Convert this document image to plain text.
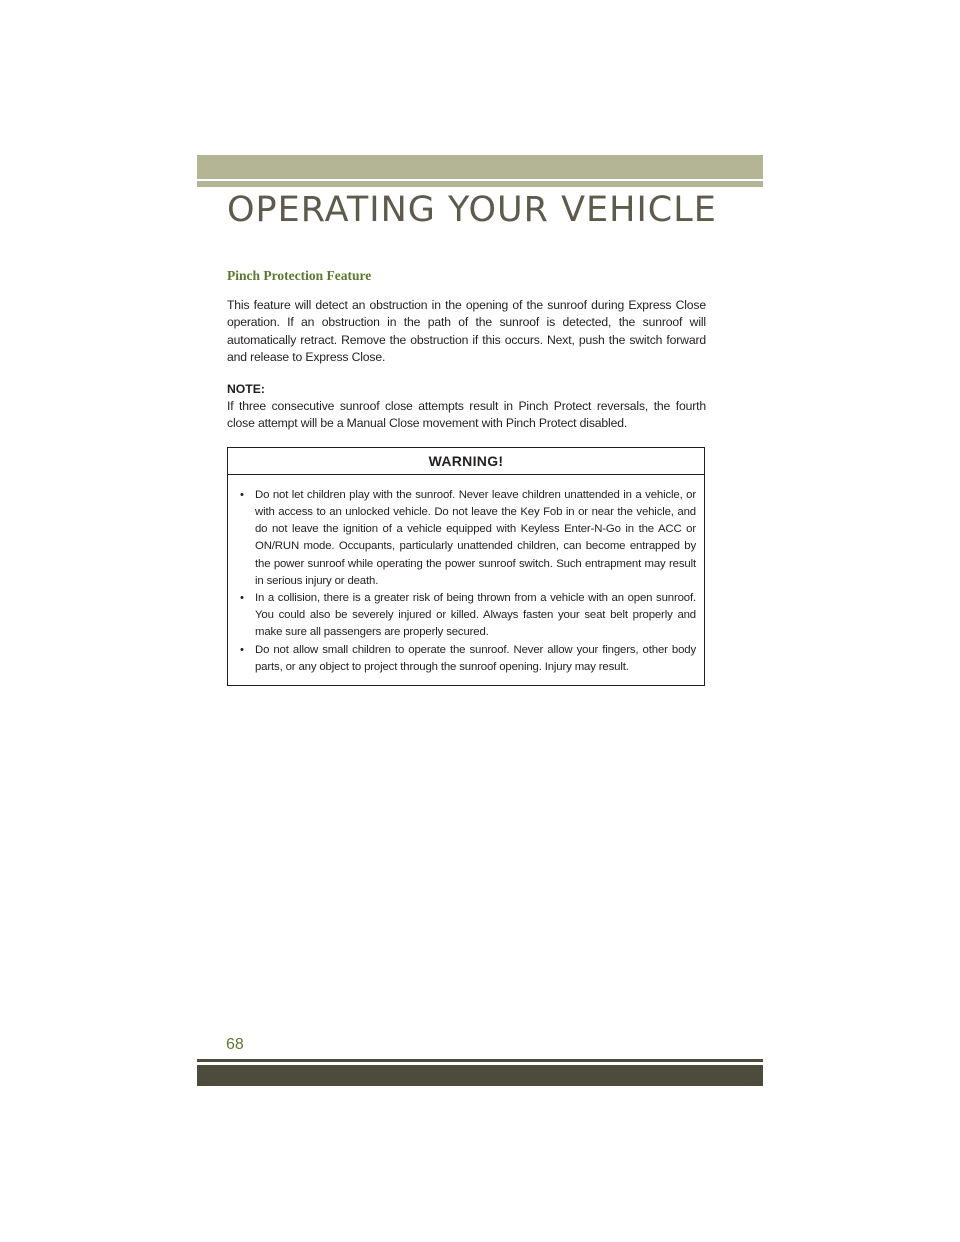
OPERATING YOUR VEHICLE
Pinch Protection Feature

This feature will detect an obstruction in the opening of the sunroof during Express Close operation. If an obstruction in the path of the sunroof is detected, the sunroof will automatically retract. Remove the obstruction if this occurs. Next, push the switch forward and release to Express Close.

NOTE:

If three consecutive sunroof close attempts result in Pinch Protect reversals, the fourth close attempt will be a Manual Close movement with Pinch Protect disabled.

WARNING!

• Do not let children play with the sunroof. Never leave children unattended in a vehicle, or with access to an unlocked vehicle. Do not leave the Key Fob in or near the vehicle, and do not leave the ignition of a vehicle equipped with Keyless Enter-N-Go in the ACC or ON/RUN mode. Occupants, particularly unattended children, can become entrapped by the power sunroof while operating the power sunroof switch. Such entrapment may result in serious injury or death.
• In a collision, there is a greater risk of being thrown from a vehicle with an open sunroof. You could also be severely injured or killed. Always fasten your seat belt properly and make sure all passengers are properly secured.
• Do not allow small children to operate the sunroof. Never allow your fingers, other body parts, or any object to project through the sunroof opening. Injury may result.

68
